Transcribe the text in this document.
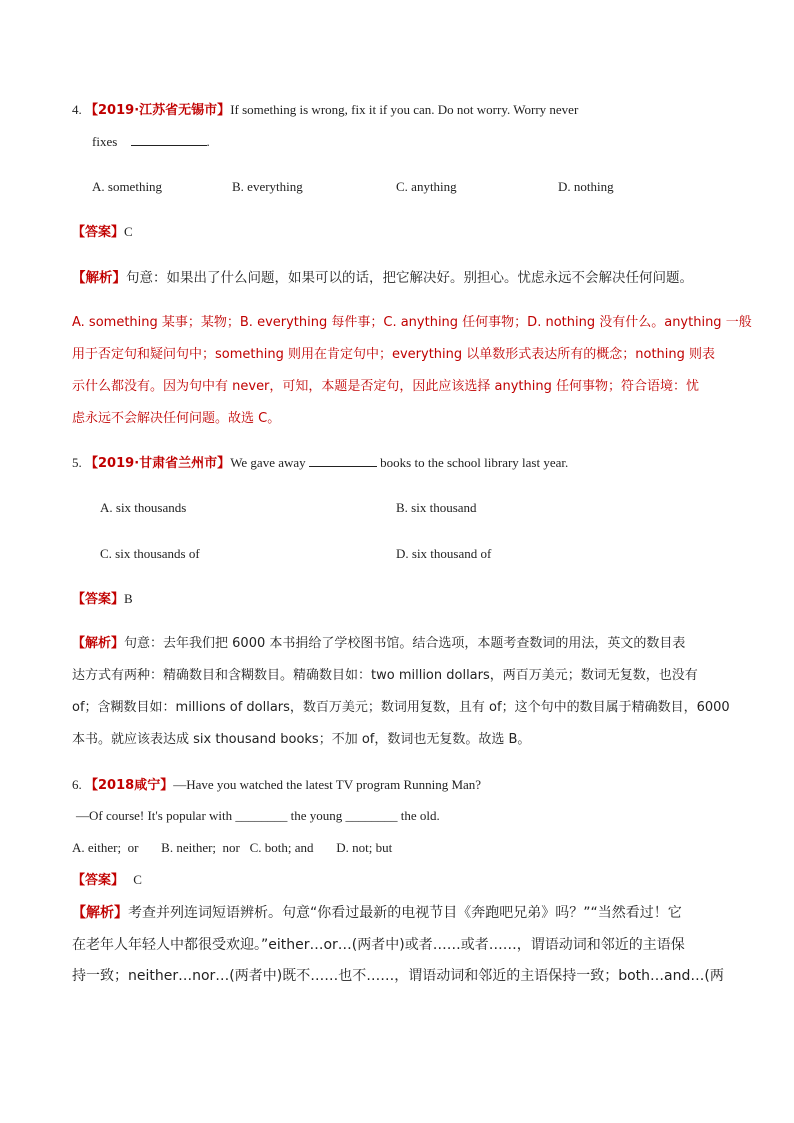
4. 【2019·江苏省无锡市】If something is wrong, fix it if you can. Do not worry. Worry never
fixes	.
A. something	B. everything	C. anything	D. nothing
【答案】C
【解析】句意：如果出了什么问题，如果可以的话，把它解决好。别担心。忧虑永远不会解决任何问题。
A. something 某事；某物；B. everything 每件事；C. anything 任何事物；D. nothing 没有什么。anything 一般
用于否定句和疑问句中；something 则用在肯定句中；everything 以单数形式表达所有的概念；nothing 则表
示什么都没有。因为句中有 never，可知，本题是否定句，因此应该选择 anything 任何事物；符合语境：忧
虑永远不会解决任何问题。故选 C。
5. 【2019·甘肃省兰州市】We gave away	books to the school library last year.
A. six thousands	B. six thousand
C. six thousands of	D. six thousand of
【答案】B
【解析】句意：去年我们把 6000 本书捐给了学校图书馆。结合选项，本题考查数词的用法，英文的数目表
达方式有两种：精确数目和含糊数目。精确数目如：two million dollars，两百万美元；数词无复数，也没有
of；含糊数目如：millions of dollars，数百万美元；数词用复数，且有 of；这个句中的数目属于精确数目，6000
本书。就应该表达成 six thousand books；不加 of，数词也无复数。故选 B。
6. 【2018咸宁】—Have you watched the latest TV program Running Man?
—Of course! It's popular with ________ the young ________ the old.
A. either;  or       B. neither;  nor   C. both; and       D. not; but
【答案】 C
【解析】考查并列连词短语辨析。句意“你看过最新的电视节目《奔跑吧兄弟》吗？”“当然看过！它
在老年人年轻人中都很受欢迎。”either…or…(两者中)或者……或者……，谓语动词和邻近的主语保
持一致；neither…nor…(两者中)既不……也不……，谓语动词和邻近的主语保持一致；both…and…(两
